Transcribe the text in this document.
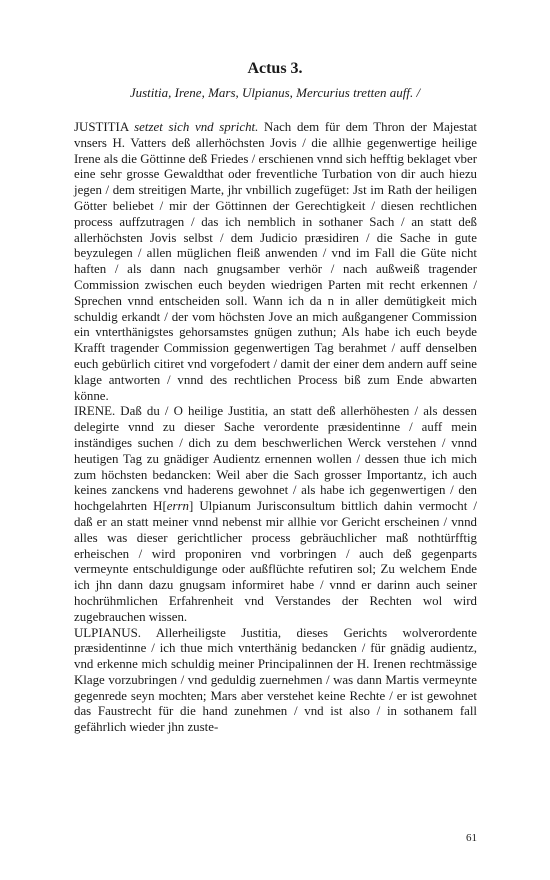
Actus 3.
Justitia, Irene, Mars, Ulpianus, Mercurius tretten auff. /

JUSTITIA setzet sich vnd spricht. Nach dem für dem Thron der Majestat vnsers H. Vatters deß allerhöchsten Jovis / die allhie gegenwertige heilige Irene als die Göttinne deß Friedes / erschienen vnnd sich hefftig beklaget vber eine sehr grosse Gewaldthat oder freventliche Turbation von dir auch hiezu jegen / dem streitigen Marte, jhr vnbillich zugefüget: Jst im Rath der heiligen Götter beliebet / mir der Göttinnen der Gerechtigkeit / diesen rechtlichen process auffzutragen / das ich nemblich in sothaner Sach / an statt deß allerhöchsten Jovis selbst / dem Judicio præsidiren / die Sache in gute beyzulegen / allen müglichen fleiß anwenden / vnd im Fall die Güte nicht haften / als dann nach gnugsamber verhör / nach außweiß tragender Commission zwischen euch beyden wiedrigen Parten mit recht erkennen / Sprechen vnnd entscheiden soll. Wann ich da n in aller demütigkeit mich schuldig erkandt / der vom höchsten Jove an mich außgangener Commission ein vnterthänigstes gehorsamstes gnügen zuthun; Als habe ich euch beyde Krafft tragender Commission gegenwertigen Tag berahmet / auff denselben euch gebürlich citiret vnd vorgefodert / damit der einer dem andern auff seine klage antworten / vnnd des rechtlichen Process biß zum Ende abwarten könne.

IRENE. Daß du / O heilige Justitia, an statt deß allerhöhesten / als dessen delegirte vnnd zu dieser Sache verordente præsidentinne / auff mein inständiges suchen / dich zu dem beschwerlichen Werck verstehen / vnnd heutigen Tag zu gnädiger Audientz ernennen wollen / dessen thue ich mich zum höchsten bedancken: Weil aber die Sach grosser Importantz, ich auch keines zanckens vnd haderens gewohnet / als habe ich gegenwertigen / den hochgelahrten H[errn] Ulpianum Jurisconsultum bittlich dahin vermocht / daß er an statt meiner vnnd nebenst mir allhie vor Gericht erscheinen / vnnd alles was dieser gerichtlicher process gebräuchlicher maß nothtürfftig erheischen / wird proponiren vnd vorbringen / auch deß gegenparts vermeynte entschuldigunge oder außflüchte refutiren sol; Zu welchem Ende ich jhn dann dazu gnugsam informiret habe / vnnd er darinn auch seiner hochrühmlichen Erfahrenheit vnd Verstandes der Rechten wol wird zugebrauchen wissen.

ULPIANUS. Allerheiligste Justitia, dieses Gerichts wolverordente præsidentinne / ich thue mich vnterthänig bedancken / für gnädig audientz, vnd erkenne mich schuldig meiner Principalinnen der H. Irenen rechtmässige Klage vorzubringen / vnd geduldig zuernehmen / was dann Martis vermeynte gegenrede seyn mochten; Mars aber verstehet keine Rechte / er ist gewohnet das Faustrecht für die hand zunehmen / vnd ist also / in sothanem fall gefährlich wieder jhn zuste-

61
